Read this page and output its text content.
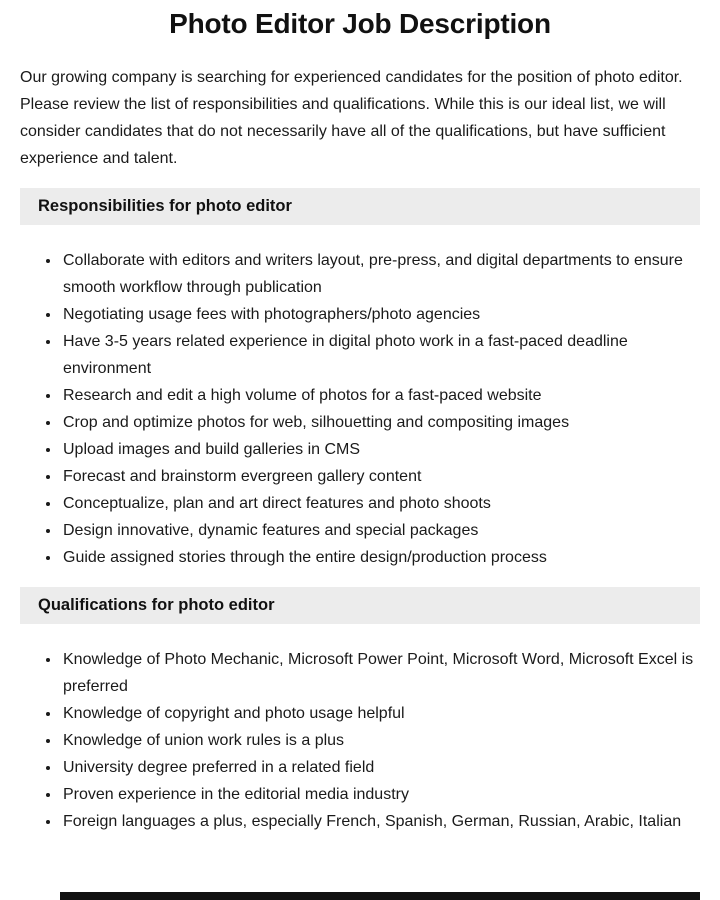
Photo Editor Job Description

Our growing company is searching for experienced candidates for the position of photo editor. Please review the list of responsibilities and qualifications. While this is our ideal list, we will consider candidates that do not necessarily have all of the qualifications, but have sufficient experience and talent.

Responsibilities for photo editor
• Collaborate with editors and writers layout, pre-press, and digital departments to ensure smooth workflow through publication
• Negotiating usage fees with photographers/photo agencies
• Have 3-5 years related experience in digital photo work in a fast-paced deadline environment
• Research and edit a high volume of photos for a fast-paced website
• Crop and optimize photos for web, silhouetting and compositing images
• Upload images and build galleries in CMS
• Forecast and brainstorm evergreen gallery content
• Conceptualize, plan and art direct features and photo shoots
• Design innovative, dynamic features and special packages
• Guide assigned stories through the entire design/production process
Qualifications for photo editor
• Knowledge of Photo Mechanic, Microsoft Power Point, Microsoft Word, Microsoft Excel is preferred
• Knowledge of copyright and photo usage helpful
• Knowledge of union work rules is a plus
• University degree preferred in a related field
• Proven experience in the editorial media industry
• Foreign languages a plus, especially French, Spanish, German, Russian, Arabic, Italian
